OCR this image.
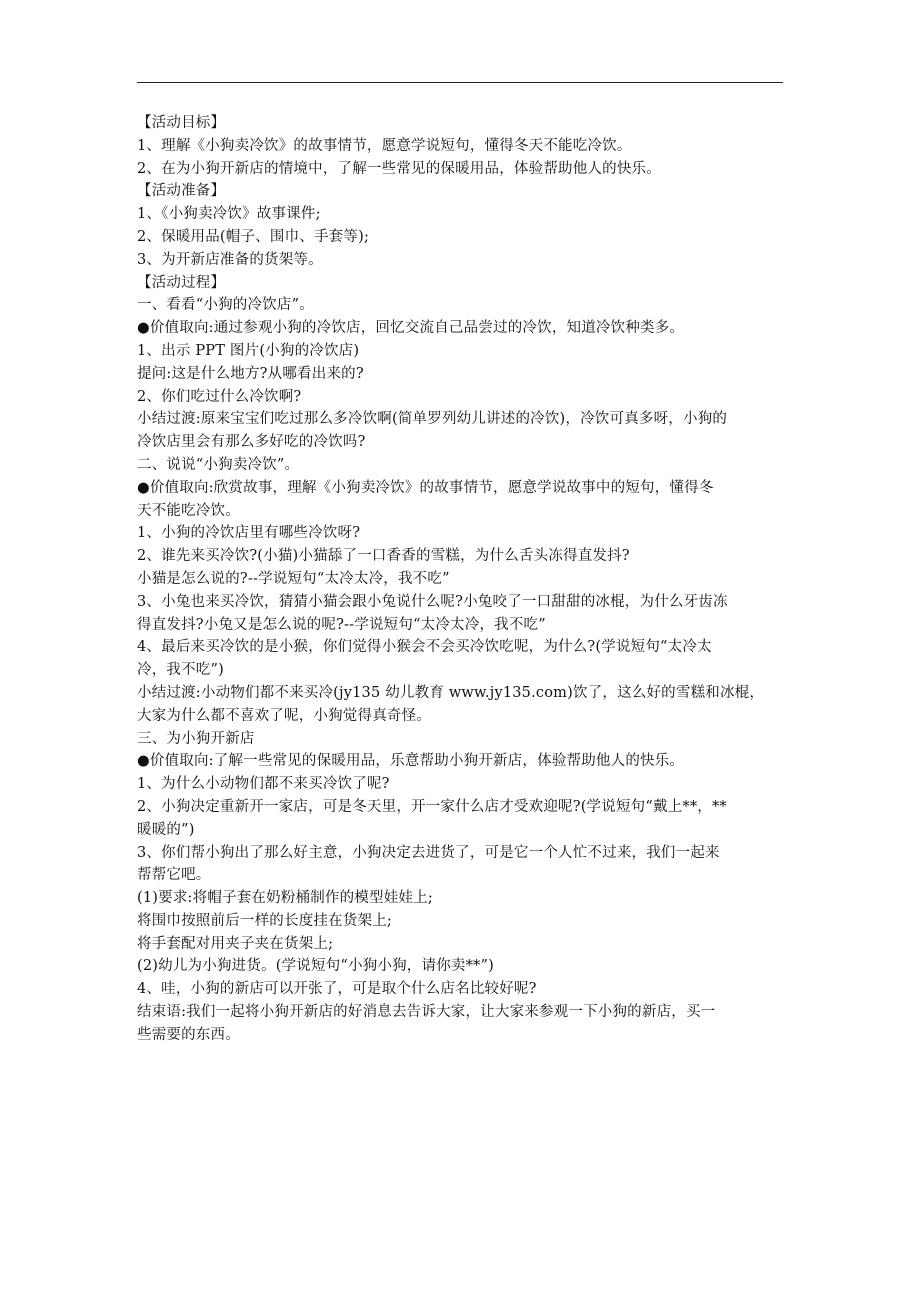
【活动目标】
1、理解《小狗卖冷饮》的故事情节，愿意学说短句，懂得冬天不能吃冷饮。
2、在为小狗开新店的情境中，了解一些常见的保暖用品，体验帮助他人的快乐。
【活动准备】
1、《小狗卖冷饮》故事课件;
2、保暖用品(帽子、围巾、手套等);
3、为开新店准备的货架等。
【活动过程】
一、看看“小狗的冷饮店”。
●价值取向:通过参观小狗的冷饮店，回忆交流自己品尝过的冷饮，知道冷饮种类多。
1、出示 PPT 图片(小狗的冷饮店)
提问:这是什么地方?从哪看出来的?
2、你们吃过什么冷饮啊?
小结过渡:原来宝宝们吃过那么多冷饮啊(简单罗列幼儿讲述的冷饮)，冷饮可真多呀，小狗的
冷饮店里会有那么多好吃的冷饮吗?
二、说说“小狗卖冷饮”。
●价值取向:欣赏故事，理解《小狗卖冷饮》的故事情节，愿意学说故事中的短句，懂得冬
天不能吃冷饮。
1、小狗的冷饮店里有哪些冷饮呀?
2、谁先来买冷饮?(小猫)小猫舔了一口香香的雪糕，为什么舌头冻得直发抖?
小猫是怎么说的?--学说短句“太冷太冷，我不吃”
3、小兔也来买冷饮，猜猜小猫会跟小兔说什么呢?小兔咬了一口甜甜的冰棍，为什么牙齿冻
得直发抖?小兔又是怎么说的呢?--学说短句“太冷太冷，我不吃”
4、最后来买冷饮的是小猴，你们觉得小猴会不会买冷饮吃呢，为什么?(学说短句“太冷太
冷，我不吃”)
小结过渡:小动物们都不来买冷(jy135 幼儿教育 www.jy135.com)饮了，这么好的雪糕和冰棍，
大家为什么都不喜欢了呢，小狗觉得真奇怪。
三、为小狗开新店
●价值取向:了解一些常见的保暖用品，乐意帮助小狗开新店，体验帮助他人的快乐。
1、为什么小动物们都不来买冷饮了呢?
2、小狗决定重新开一家店，可是冬天里，开一家什么店才受欢迎呢?(学说短句“戴上**，**
暖暖的”)
3、你们帮小狗出了那么好主意，小狗决定去进货了，可是它一个人忙不过来，我们一起来
帮帮它吧。
(1)要求:将帽子套在奶粉桶制作的模型娃娃上;
将围巾按照前后一样的长度挂在货架上;
将手套配对用夹子夹在货架上;
(2)幼儿为小狗进货。(学说短句“小狗小狗，请你卖**”)
4、哇，小狗的新店可以开张了，可是取个什么店名比较好呢?
结束语:我们一起将小狗开新店的好消息去告诉大家，让大家来参观一下小狗的新店，买一
些需要的东西。
